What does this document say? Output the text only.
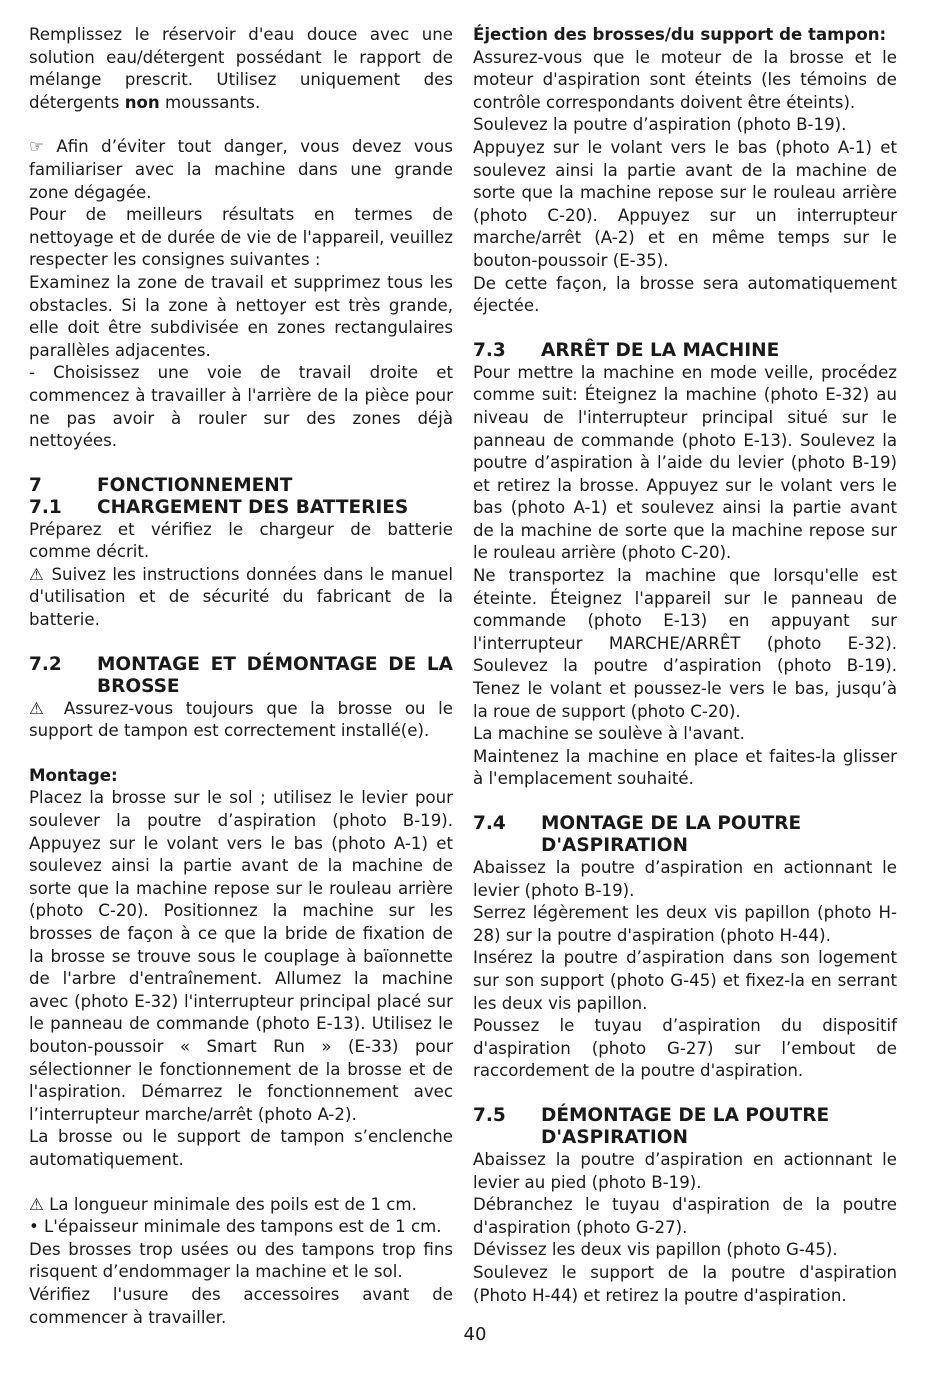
Remplissez le réservoir d'eau douce avec une solution eau/détergent possédant le rapport de mélange prescrit. Utilisez uniquement des détergents non moussants.

☞ Afin d’éviter tout danger, vous devez vous familiariser avec la machine dans une grande zone dégagée.

Pour de meilleurs résultats en termes de nettoyage et de durée de vie de l'appareil, veuillez respecter les consignes suivantes :

Examinez la zone de travail et supprimez tous les obstacles. Si la zone à nettoyer est très grande, elle doit être subdivisée en zones rectangulaires parallèles adjacentes.

- Choisissez une voie de travail droite et commencez à travailler à l'arrière de la pièce pour ne pas avoir à rouler sur des zones déjà nettoyées.

7	FONCTIONNEMENT
7.1	CHARGEMENT DES BATTERIES

Préparez et vérifiez le chargeur de batterie comme décrit.

⚠ Suivez les instructions données dans le manuel d'utilisation et de sécurité du fabricant de la batterie.

7.2	MONTAGE ET DÉMONTAGE DE LA BROSSE

⚠ Assurez-vous toujours que la brosse ou le support de tampon est correctement installé(e).

Montage:

Placez la brosse sur le sol ; utilisez le levier pour soulever la poutre d’aspiration (photo B-19). Appuyez sur le volant vers le bas (photo A-1) et soulevez ainsi la partie avant de la machine de sorte que la machine repose sur le rouleau arrière (photo C-20). Positionnez la machine sur les brosses de façon à ce que la bride de fixation de la brosse se trouve sous le couplage à baïonnette de l'arbre d'entraînement. Allumez la machine avec (photo E-32) l'interrupteur principal placé sur le panneau de commande (photo E-13). Utilisez le bouton-poussoir « Smart Run » (E-33) pour sélectionner le fonctionnement de la brosse et de l'aspiration. Démarrez le fonctionnement avec l’interrupteur marche/arrêt (photo A-2).

La brosse ou le support de tampon s’enclenche automatiquement.

⚠ La longueur minimale des poils est de 1 cm.

• L'épaisseur minimale des tampons est de 1 cm.

Des brosses trop usées ou des tampons trop fins risquent d’endommager la machine et le sol.

Vérifiez l'usure des accessoires avant de commencer à travailler.

Éjection des brosses/du support de tampon:

Assurez-vous que le moteur de la brosse et le moteur d'aspiration sont éteints (les témoins de contrôle correspondants doivent être éteints).

Soulevez la poutre d’aspiration (photo B-19).

Appuyez sur le volant vers le bas (photo A-1) et soulevez ainsi la partie avant de la machine de sorte que la machine repose sur le rouleau arrière (photo C-20). Appuyez sur un interrupteur marche/arrêt (A-2) et en même temps sur le bouton-poussoir (E-35).

De cette façon, la brosse sera automatiquement éjectée.

7.3	ARRÊT DE LA MACHINE

Pour mettre la machine en mode veille, procédez comme suit: Éteignez la machine (photo E-32) au niveau de l'interrupteur principal situé sur le panneau de commande (photo E-13). Soulevez la poutre d’aspiration à l’aide du levier (photo B-19) et retirez la brosse. Appuyez sur le volant vers le bas (photo A-1) et soulevez ainsi la partie avant de la machine de sorte que la machine repose sur le rouleau arrière (photo C-20).

Ne transportez la machine que lorsqu'elle est éteinte. Éteignez l'appareil sur le panneau de commande (photo E-13) en appuyant sur l'interrupteur MARCHE/ARRÊT (photo E-32). Soulevez la poutre d’aspiration (photo B-19). Tenez le volant et poussez-le vers le bas, jusqu’à la roue de support (photo C-20).

La machine se soulève à l'avant.

Maintenez la machine en place et faites-la glisser à l'emplacement souhaité.

7.4	MONTAGE DE LA POUTRE D'ASPIRATION

Abaissez la poutre d’aspiration en actionnant le levier (photo B-19).

Serrez légèrement les deux vis papillon (photo H-28) sur la poutre d'aspiration (photo H-44).

Insérez la poutre d’aspiration dans son logement sur son support (photo G-45) et fixez-la en serrant les deux vis papillon.

Poussez le tuyau d’aspiration du dispositif d'aspiration (photo G-27) sur l’embout de raccordement de la poutre d'aspiration.

7.5	DÉMONTAGE DE LA POUTRE D'ASPIRATION

Abaissez la poutre d’aspiration en actionnant le levier au pied (photo B-19).

Débranchez le tuyau d'aspiration de la poutre d'aspiration (photo G-27).

Dévissez les deux vis papillon (photo G-45).

Soulevez le support de la poutre d'aspiration (Photo H-44) et retirez la poutre d'aspiration.

40
